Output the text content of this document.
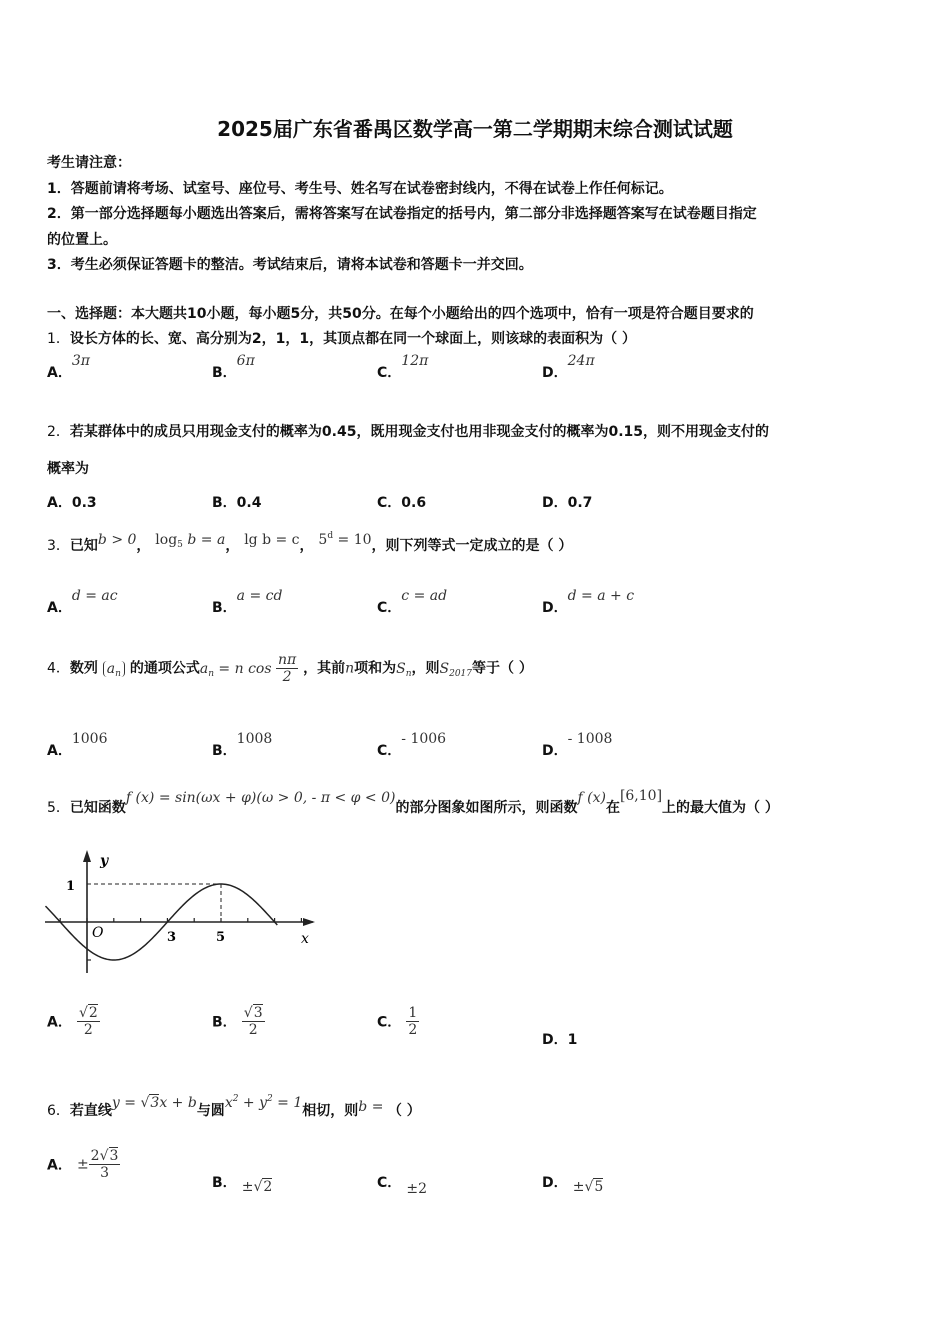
2025届广东省番禺区数学高一第二学期期末综合测试试题
考生请注意：
1．答题前请将考场、试室号、座位号、考生号、姓名写在试卷密封线内，不得在试卷上作任何标记。
2．第一部分选择题每小题选出答案后，需将答案写在试卷指定的括号内，第二部分非选择题答案写在试卷题目指定
的位置上。
3．考生必须保证答题卡的整洁。考试结束后，请将本试卷和答题卡一并交回。
一、选择题：本大题共10小题，每小题5分，共50分。在每个小题给出的四个选项中，恰有一项是符合题目要求的
1．设长方体的长、宽、高分别为2，1，1，其顶点都在同一个球面上，则该球的表面积为（ ）
A．3π
B．6π
C．12π
D．24π
2．若某群体中的成员只用现金支付的概率为0.45，既用现金支付也用非现金支付的概率为0.15，则不用现金支付的
概率为
A．0.3	B．0.4	C．0.6	D．0.7
3．已知b > 0， $\log_5 b = a$， lg b = c， $5^d = 10$，则下列等式一定成立的是（ ）
A．d = ac
B．a = cd
C．c = ad
D．d = a + c
4．数列 $a_n$ 的通项公式$a_n = n$ $\cos \frac{n\pi}{2}$ ，其前n项和为$S_n$，则$S_{2017}$等于（ ）
A．1006
B．1008
C．- 1006
D．- 1008
5．已知函数f (x) = sin(ωx + φ)(ω > 0, - π < φ < 0)的部分图象如图所示，则函数f (x)在[6,10]上的最大值为（ ）
y
x
1
O	3	5
A． $\frac{√2}{2}$	B． $\frac{√3}{2}$	C． $\frac{1}{2}$
D．1
6．若直线y = √3x + b与圆$x^2 + y^2 = 1$相切，则b = （ ）
A． ± $\frac{2√3}{3}$
B． ±√2	C． ±2	D． ±√5
